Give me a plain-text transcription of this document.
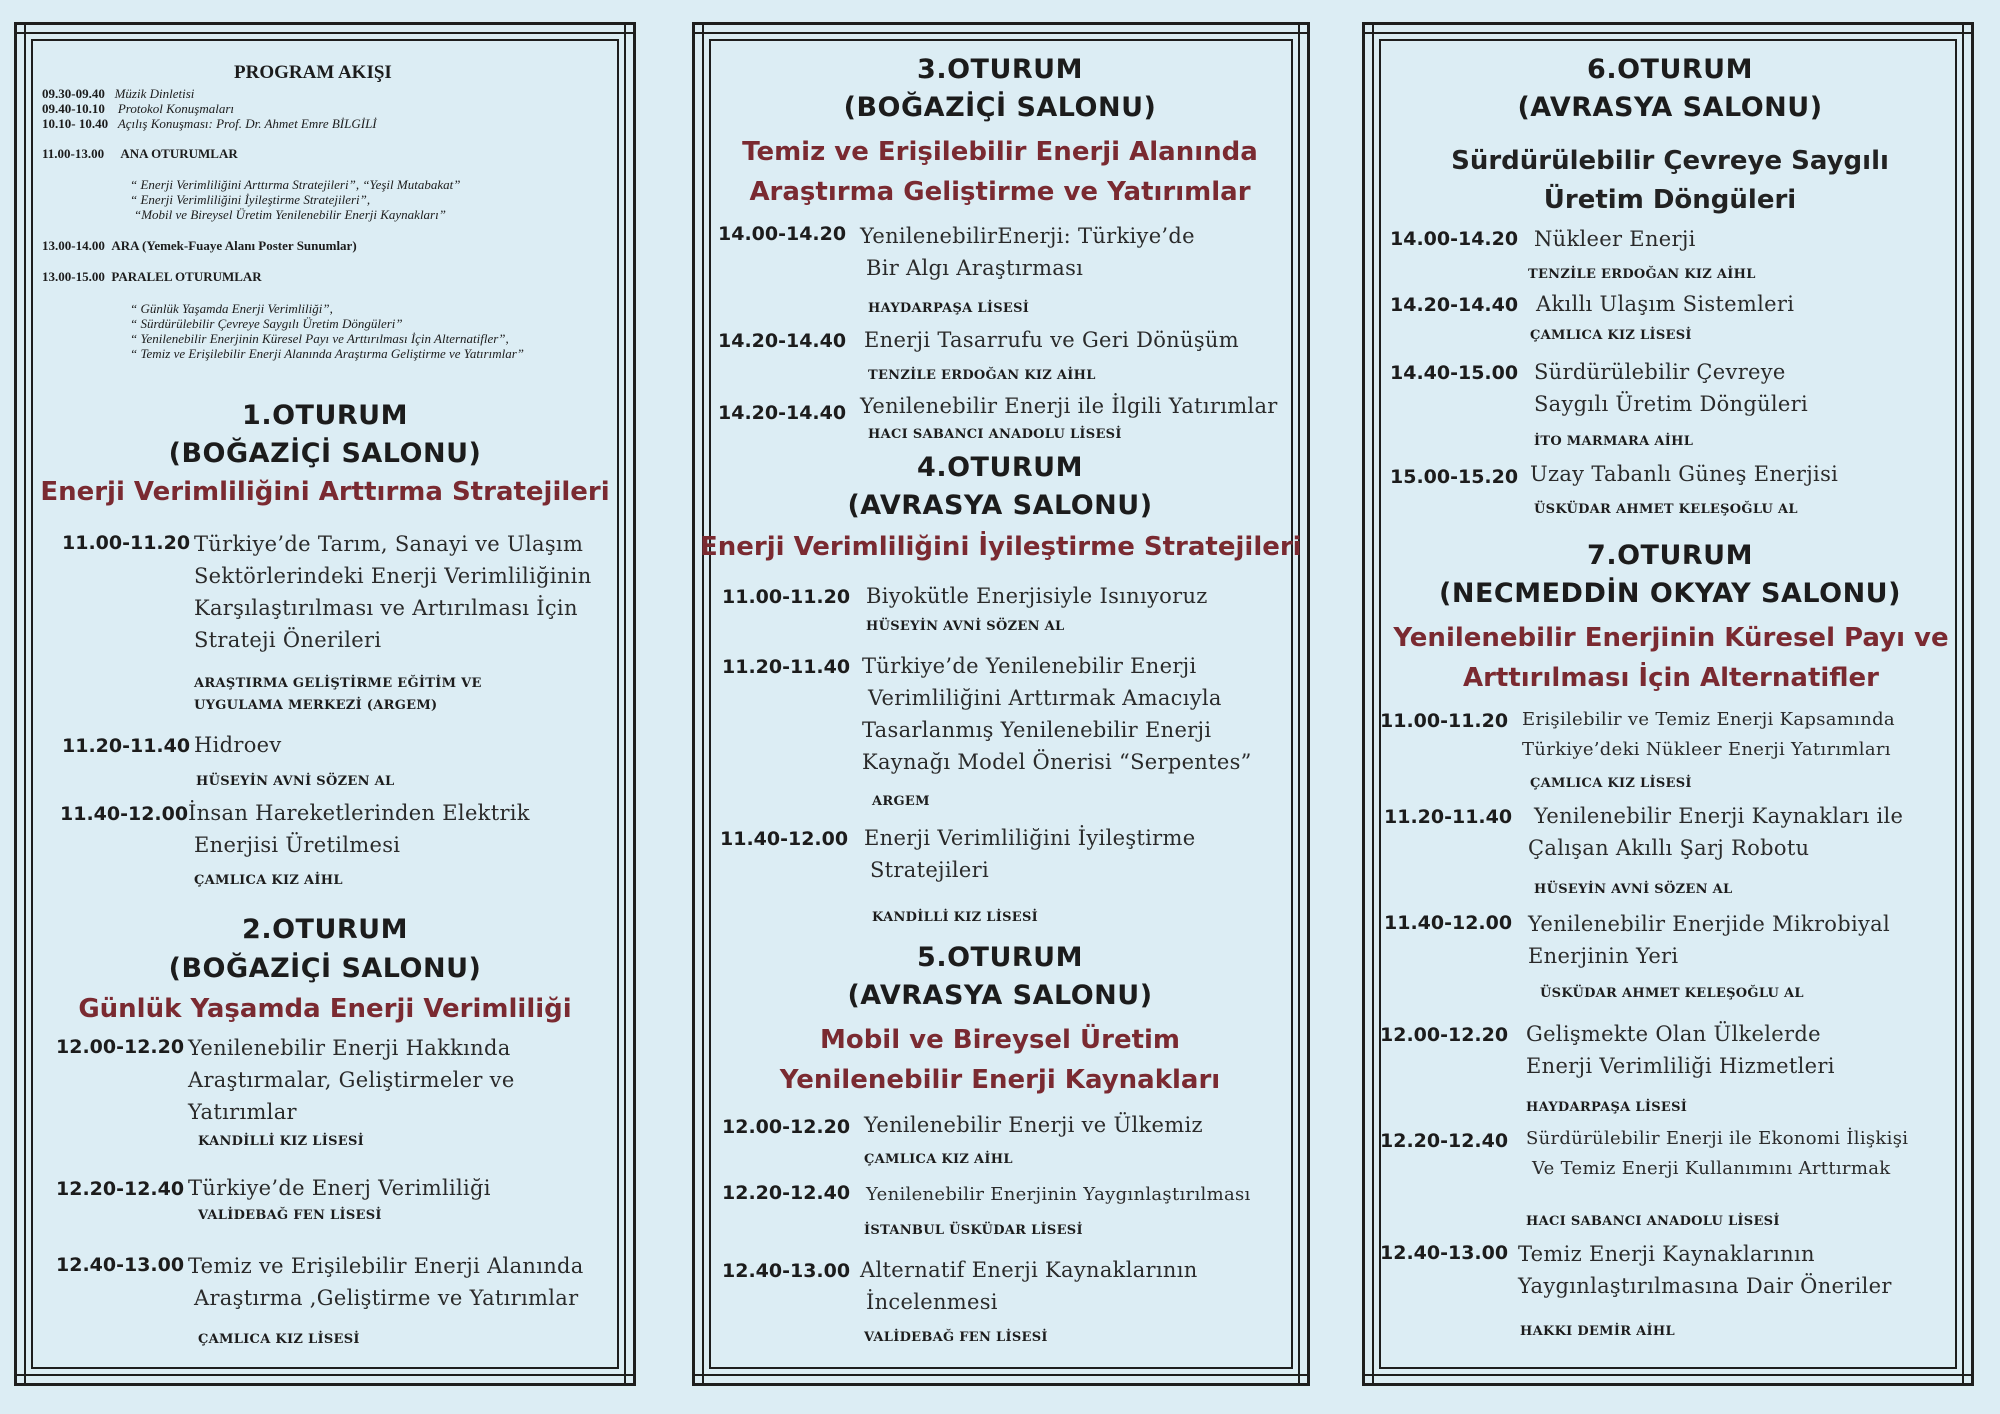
PROGRAM AKIŞI
09.30-09.40 Müzik Dinletisi
09.40-10.10 Protokol Konuşmaları
10.10- 10.40 Açılış Konuşması: Prof. Dr. Ahmet Emre BİLGİLİ
11.00-13.00 ANA OTURUMLAR
“ Enerji Verimliliğini Arttırma Stratejileri”, “Yeşil Mutabakat”
“ Enerji Verimliliğini İyileştirme Stratejileri”,
“Mobil ve Bireysel Üretim Yenilenebilir Enerji Kaynakları”
13.00-14.00 ARA (Yemek-Fuaye Alanı Poster Sunumlar)
13.00-15.00 PARALEL OTURUMLAR
“ Günlük Yaşamda Enerji Verimliliği”,
“ Sürdürülebilir Çevreye Saygılı Üretim Döngüleri”
“ Yenilenebilir Enerjinin Küresel Payı ve Arttırılması İçin Alternatifler”,
“ Temiz ve Erişilebilir Enerji Alanında Araştırma Geliştirme ve Yatırımlar”
1.OTURUM
(BOĞAZİÇİ SALONU)
Enerji Verimliliğini Arttırma Stratejileri
11.00-11.20 Türkiye’de Tarım, Sanayi ve Ulaşım
Sektörlerindeki Enerji Verimliliğinin
Karşılaştırılması ve Artırılması İçin
Strateji Önerileri
ARAŞTIRMA GELİŞTİRME EĞİTİM VE
UYGULAMA MERKEZİ (ARGEM)
11.20-11.40 Hidroev
HÜSEYİN AVNİ SÖZEN AL
11.40-12.00 İnsan Hareketlerinden Elektrik
Enerjisi Üretilmesi
ÇAMLICA KIZ AİHL
2.OTURUM
(BOĞAZİÇİ SALONU)
Günlük Yaşamda Enerji Verimliliği
12.00-12.20 Yenilenebilir Enerji Hakkında
Araştırmalar, Geliştirmeler ve
Yatırımlar
KANDİLLİ KIZ LİSESİ
12.20-12.40 Türkiye’de Enerj Verimliliği
VALİDEBAĞ FEN LİSESİ
12.40-13.00 Temiz ve Erişilebilir Enerji Alanında
Araştırma ,Geliştirme ve Yatırımlar
ÇAMLICA KIZ LİSESİ
3.OTURUM
(BOĞAZİÇİ SALONU)
Temiz ve Erişilebilir Enerji Alanında
Araştırma Geliştirme ve Yatırımlar
14.00-14.20 YenilenebilirEnerji: Türkiye’de
Bir Algı Araştırması
HAYDARPAŞA LİSESİ
14.20-14.40 Enerji Tasarrufu ve Geri Dönüşüm
TENZİLE ERDOĞAN KIZ AİHL
14.20-14.40 Yenilenebilir Enerji ile İlgili Yatırımlar
HACI SABANCI ANADOLU LİSESİ
4.OTURUM
(AVRASYA SALONU)
Enerji Verimliliğini İyileştirme Stratejileri
11.00-11.20 Biyokütle Enerjisiyle Isınıyoruz
HÜSEYİN AVNİ SÖZEN AL
11.20-11.40 Türkiye’de Yenilenebilir Enerji
Verimliliğini Arttırmak Amacıyla
Tasarlanmış Yenilenebilir Enerji
Kaynağı Model Önerisi “Serpentes”
ARGEM
11.40-12.00 Enerji Verimliliğini İyileştirme
Stratejileri
KANDİLLİ KIZ LİSESİ
5.OTURUM
(AVRASYA SALONU)
Mobil ve Bireysel Üretim
Yenilenebilir Enerji Kaynakları
12.00-12.20 Yenilenebilir Enerji ve Ülkemiz
ÇAMLICA KIZ AİHL
12.20-12.40 Yenilenebilir Enerjinin Yaygınlaştırılması
İSTANBUL ÜSKÜDAR LİSESİ
12.40-13.00 Alternatif Enerji Kaynaklarının
İncelenmesi
VALİDEBAĞ FEN LİSESİ
6.OTURUM
(AVRASYA SALONU)
Sürdürülebilir Çevreye Saygılı
Üretim Döngüleri
14.00-14.20 Nükleer Enerji
TENZİLE ERDOĞAN KIZ AİHL
14.20-14.40 Akıllı Ulaşım Sistemleri
ÇAMLICA KIZ LİSESİ
14.40-15.00 Sürdürülebilir Çevreye
Saygılı Üretim Döngüleri
İTO MARMARA AİHL
15.00-15.20 Uzay Tabanlı Güneş Enerjisi
ÜSKÜDAR AHMET KELEŞOĞLU AL
7.OTURUM
(NECMEDDİN OKYAY SALONU)
Yenilenebilir Enerjinin Küresel Payı ve
Arttırılması İçin Alternatifler
11.00-11.20 Erişilebilir ve Temiz Enerji Kapsamında
Türkiye’deki Nükleer Enerji Yatırımları
ÇAMLICA KIZ LİSESİ
11.20-11.40 Yenilenebilir Enerji Kaynakları ile
Çalışan Akıllı Şarj Robotu
HÜSEYİN AVNİ SÖZEN AL
11.40-12.00 Yenilenebilir Enerjide Mikrobiyal
Enerjinin Yeri
ÜSKÜDAR AHMET KELEŞOĞLU AL
12.00-12.20 Gelişmekte Olan Ülkelerde
Enerji Verimliliği Hizmetleri
HAYDARPAŞA LİSESİ
12.20-12.40 Sürdürülebilir Enerji ile Ekonomi İlişkişi
Ve Temiz Enerji Kullanımını Arttırmak
HACI SABANCI ANADOLU LİSESİ
12.40-13.00 Temiz Enerji Kaynaklarının
Yaygınlaştırılmasına Dair Öneriler
HAKKI DEMİR AİHL
